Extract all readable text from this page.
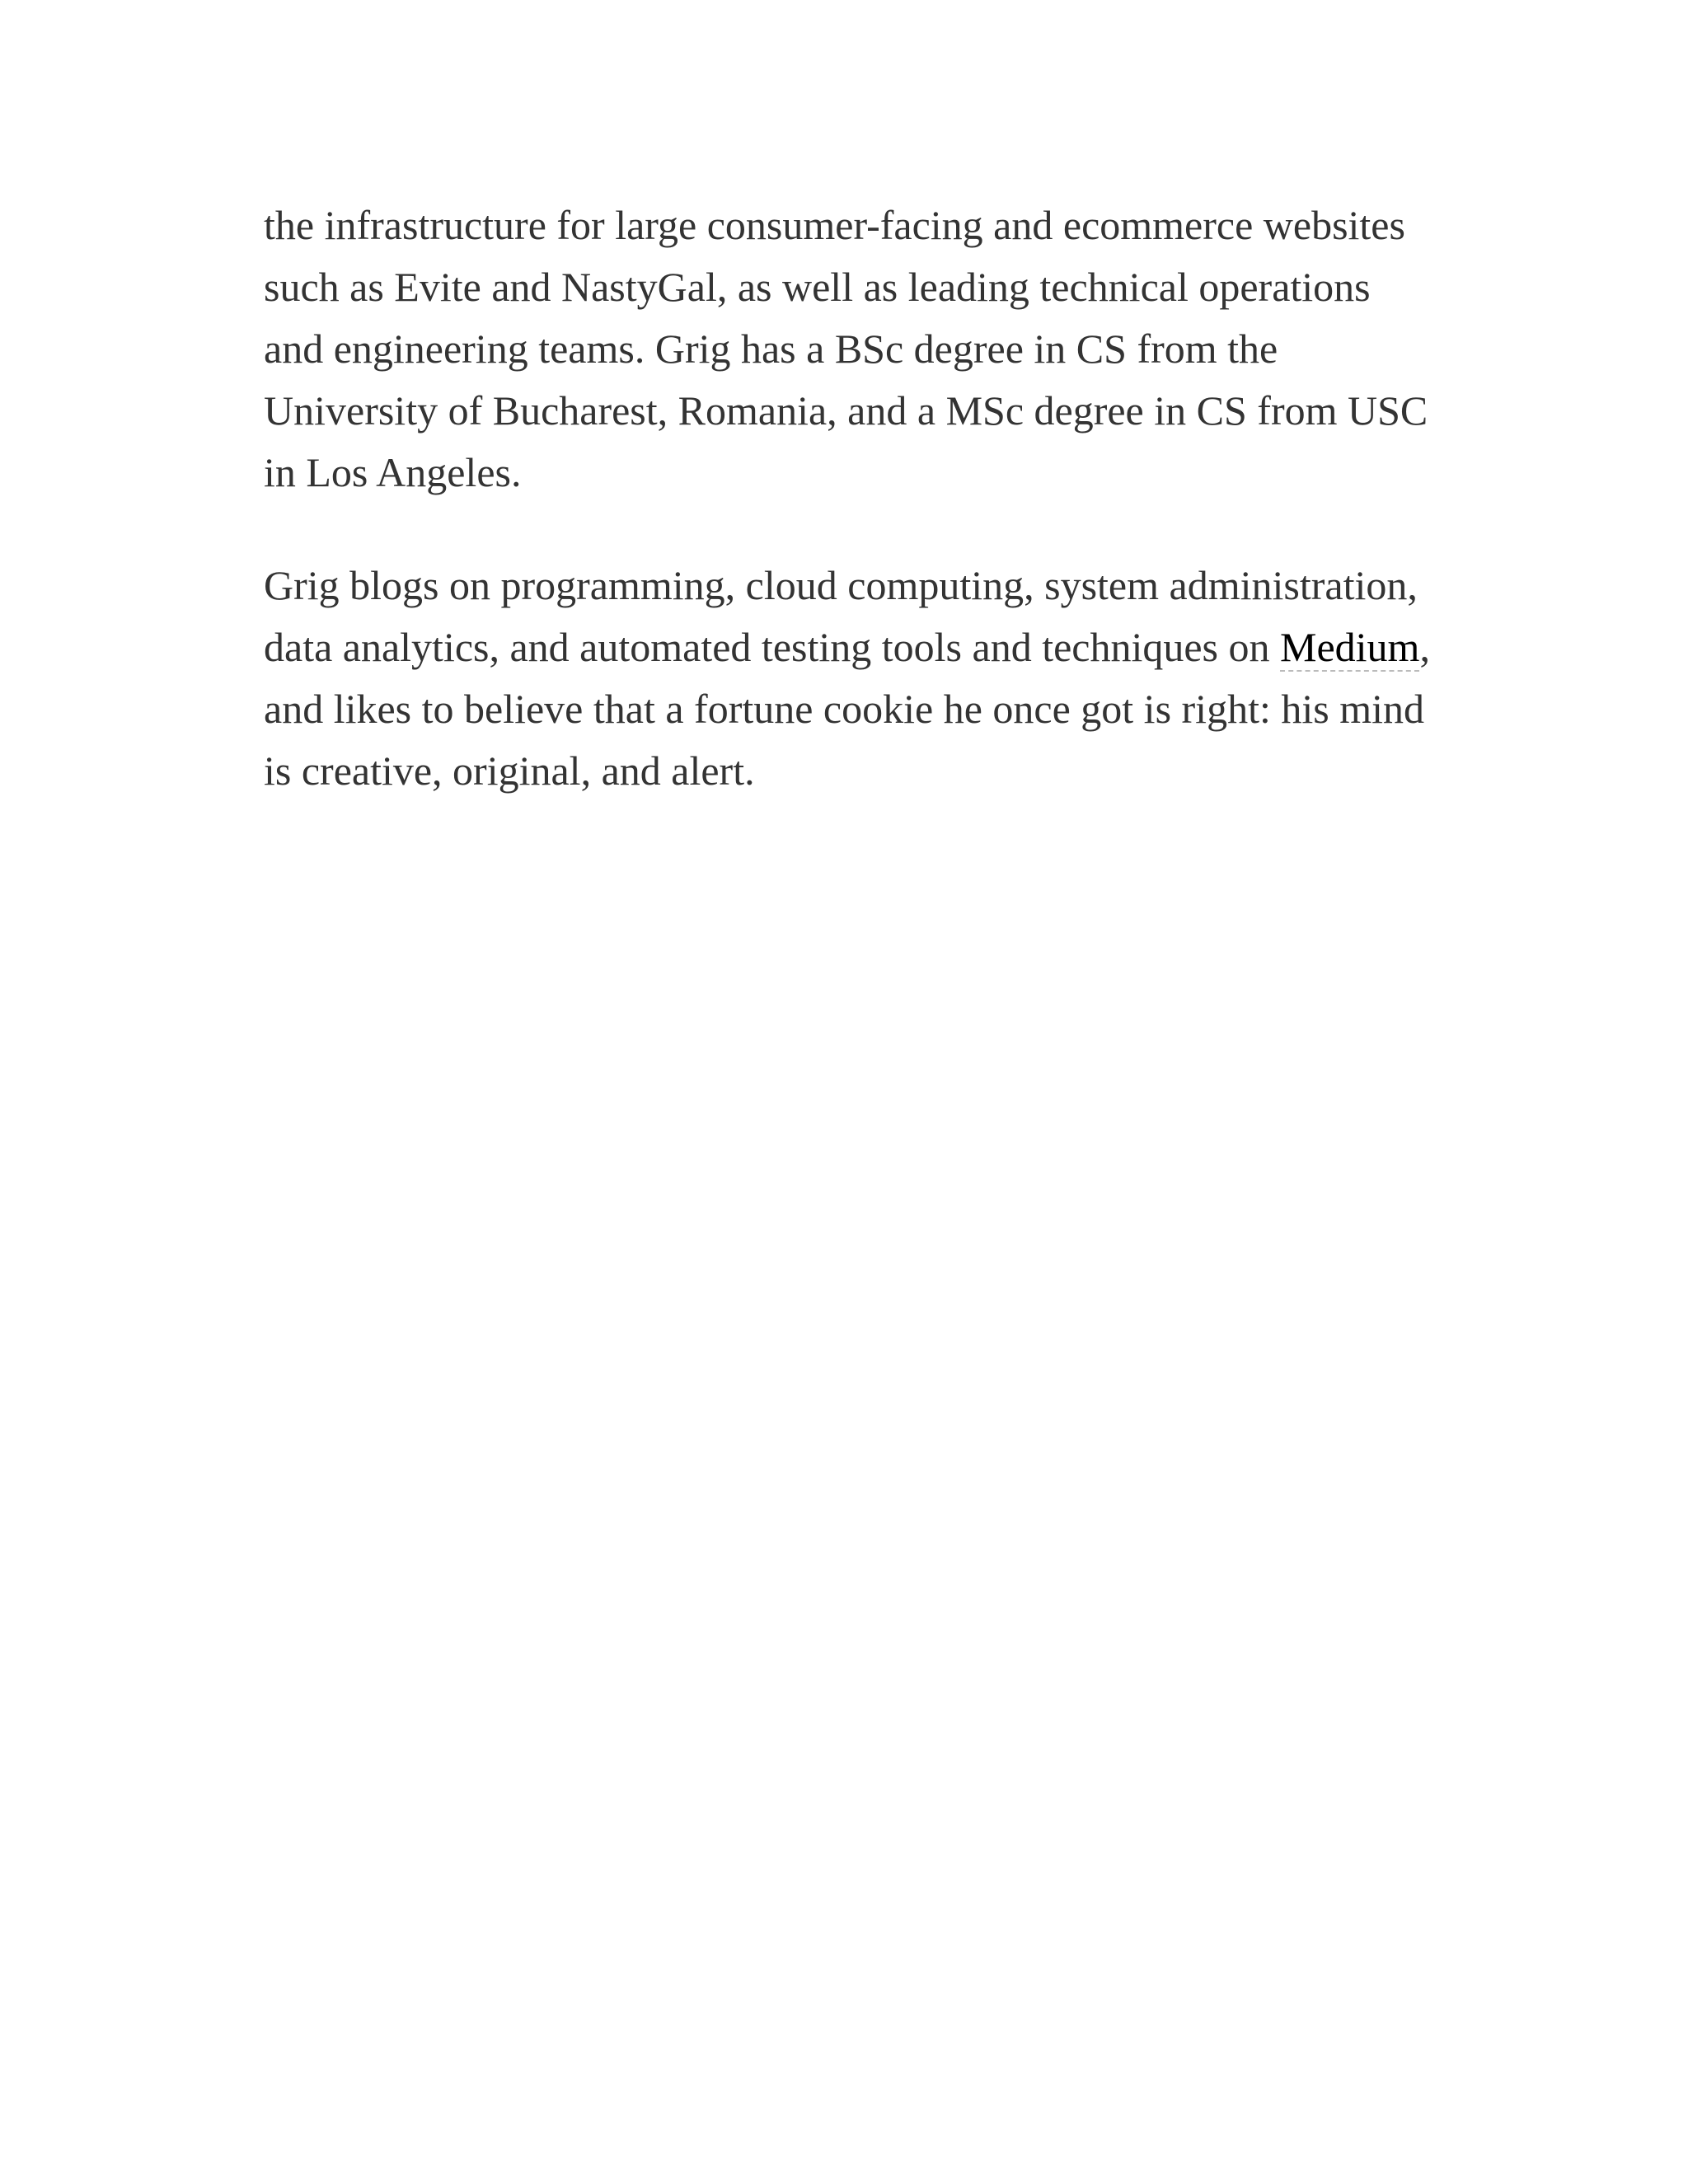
the infrastructure for large consumer-facing and ecommerce websites such as Evite and NastyGal, as well as leading technical operations and engineering teams. Grig has a BSc degree in CS from the University of Bucharest, Romania, and a MSc degree in CS from USC in Los Angeles.

Grig blogs on programming, cloud computing, system administration, data analytics, and automated testing tools and techniques on Medium, and likes to believe that a fortune cookie he once got is right: his mind is creative, original, and alert.
